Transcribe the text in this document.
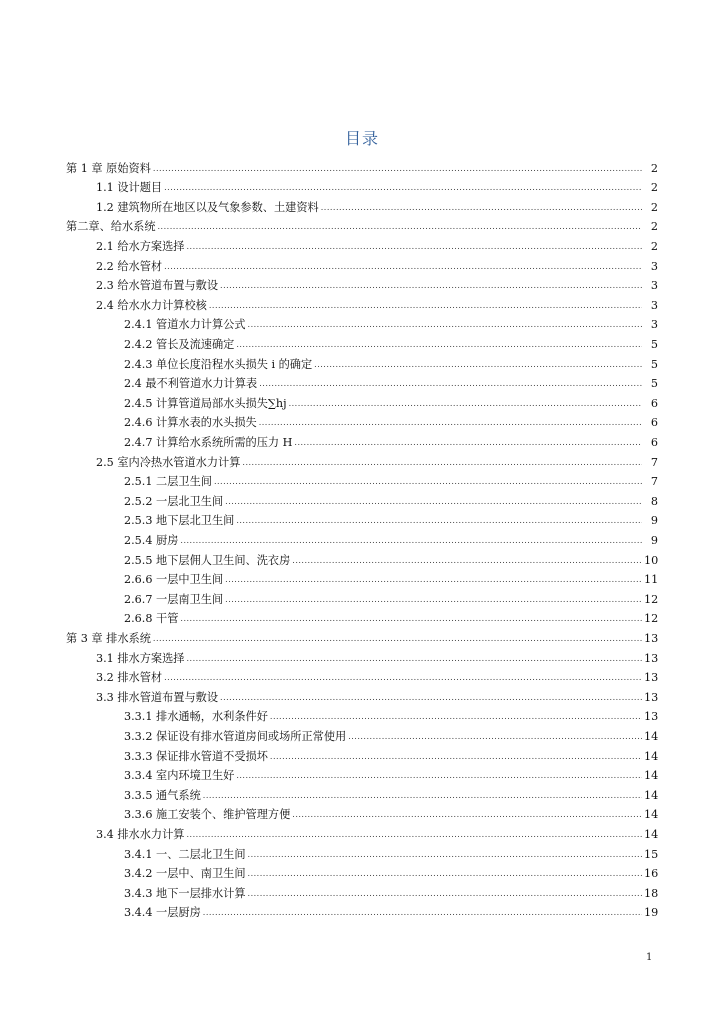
目录
第 1 章 原始资料 .....	2
1.1 设计题目 .....	2
1.2 建筑物所在地区以及气象参数、土建资料 .....	2
第二章、给水系统 .....	2
2.1 给水方案选择 .....	2
2.2 给水管材 .....	3
2.3 给水管道布置与敷设 .....	3
2.4 给水水力计算校核 .....	3
2.4.1 管道水力计算公式 .....	3
2.4.2 管长及流速确定 .....	5
2.4.3 单位长度沿程水头损失 i 的确定 .....	5
2.4 最不利管道水力计算表 .....	5
2.4.5 计算管道局部水头损失∑hj .....	6
2.4.6 计算水表的水头损失 .....	6
2.4.7 计算给水系统所需的压力 H .....	6
2.5 室内冷热水管道水力计算 .....	7
2.5.1 二层卫生间 .....	7
2.5.2 一层北卫生间 .....	8
2.5.3 地下层北卫生间 .....	9
2.5.4 厨房 .....	9
2.5.5 地下层佣人卫生间、洗衣房 .....	10
2.6.6 一层中卫生间 .....	11
2.6.7 一层南卫生间 .....	12
2.6.8 干管 .....	12
第 3 章 排水系统 .....	13
3.1 排水方案选择 .....	13
3.2 排水管材 .....	13
3.3 排水管道布置与敷设 .....	13
3.3.1 排水通畅，水利条件好 .....	13
3.3.2 保证设有排水管道房间或场所正常使用 .....	14
3.3.3 保证排水管道不受损坏 .....	14
3.3.4 室内环境卫生好 .....	14
3.3.5 通气系统 .....	14
3.3.6 施工安装个、维护管理方便 .....	14
3.4 排水水力计算 .....	14
3.4.1 一、二层北卫生间 .....	15
3.4.2 一层中、南卫生间 .....	16
3.4.3 地下一层排水计算 .....	18
3.4.4 一层厨房 .....	19
1
